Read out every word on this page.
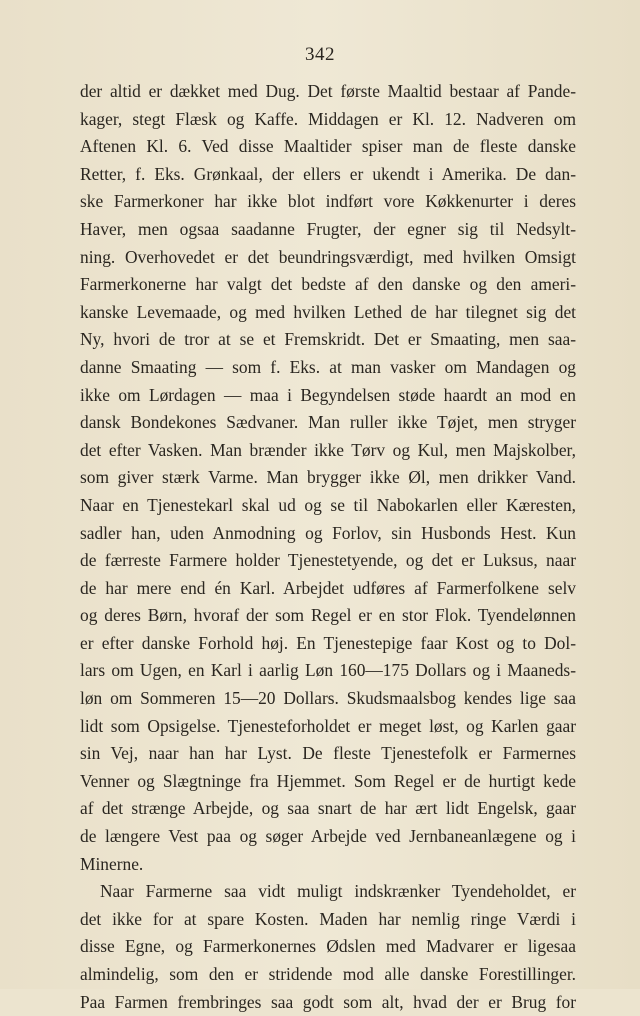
342
der altid er dækket med Dug. Det første Maaltid bestaar af Pande-
kager, stegt Flæsk og Kaffe. Middagen er Kl. 12. Nadveren om
Aftenen Kl. 6. Ved disse Maaltider spiser man de fleste danske
Retter, f. Eks. Grønkaal, der ellers er ukendt i Amerika. De dan-
ske Farmerkoner har ikke blot indført vore Køkkenurter i deres
Haver, men ogsaa saadanne Frugter, der egner sig til Nedsylt-
ning. Overhovedet er det beundringsværdigt, med hvilken Omsigt
Farmerkonerne har valgt det bedste af den danske og den ameri-
kanske Levemaade, og med hvilken Lethed de har tilegnet sig det
Ny, hvori de tror at se et Fremskridt. Det er Smaating, men saa-
danne Smaating — som f. Eks. at man vasker om Mandagen og
ikke om Lørdagen — maa i Begyndelsen støde haardt an mod en
dansk Bondekones Sædvaner. Man ruller ikke Tøjet, men stryger
det efter Vasken. Man brænder ikke Tørv og Kul, men Majskolber,
som giver stærk Varme. Man brygger ikke Øl, men drikker Vand.
Naar en Tjenestekarl skal ud og se til Nabokarlen eller Kæresten,
sadler han, uden Anmodning og Forlov, sin Husbonds Hest. Kun
de færreste Farmere holder Tjenestetyende, og det er Luksus, naar
de har mere end én Karl. Arbejdet udføres af Farmerfolkene selv
og deres Børn, hvoraf der som Regel er en stor Flok. Tyendelønnen
er efter danske Forhold høj. En Tjenestepige faar Kost og to Dol-
lars om Ugen, en Karl i aarlig Løn 160—175 Dollars og i Maaneds-
løn om Sommeren 15—20 Dollars. Skudsmaalsbog kendes lige saa
lidt som Opsigelse. Tjenesteforholdet er meget løst, og Karlen gaar
sin Vej, naar han har Lyst. De fleste Tjenestefolk er Farmernes
Venner og Slægtninge fra Hjemmet. Som Regel er de hurtigt kede
af det strænge Arbejde, og saa snart de har ært lidt Engelsk, gaar
de længere Vest paa og søger Arbejde ved Jernbaneanlægene og i
Minerne.
Naar Farmerne saa vidt muligt indskrænker Tyendeholdet, er
det ikke for at spare Kosten. Maden har nemlig ringe Værdi i
disse Egne, og Farmerkonernes Ødslen med Madvarer er ligesaa
almindelig, som den er stridende mod alle danske Forestillinger.
Paa Farmen frembringes saa godt som alt, hvad der er Brug for
